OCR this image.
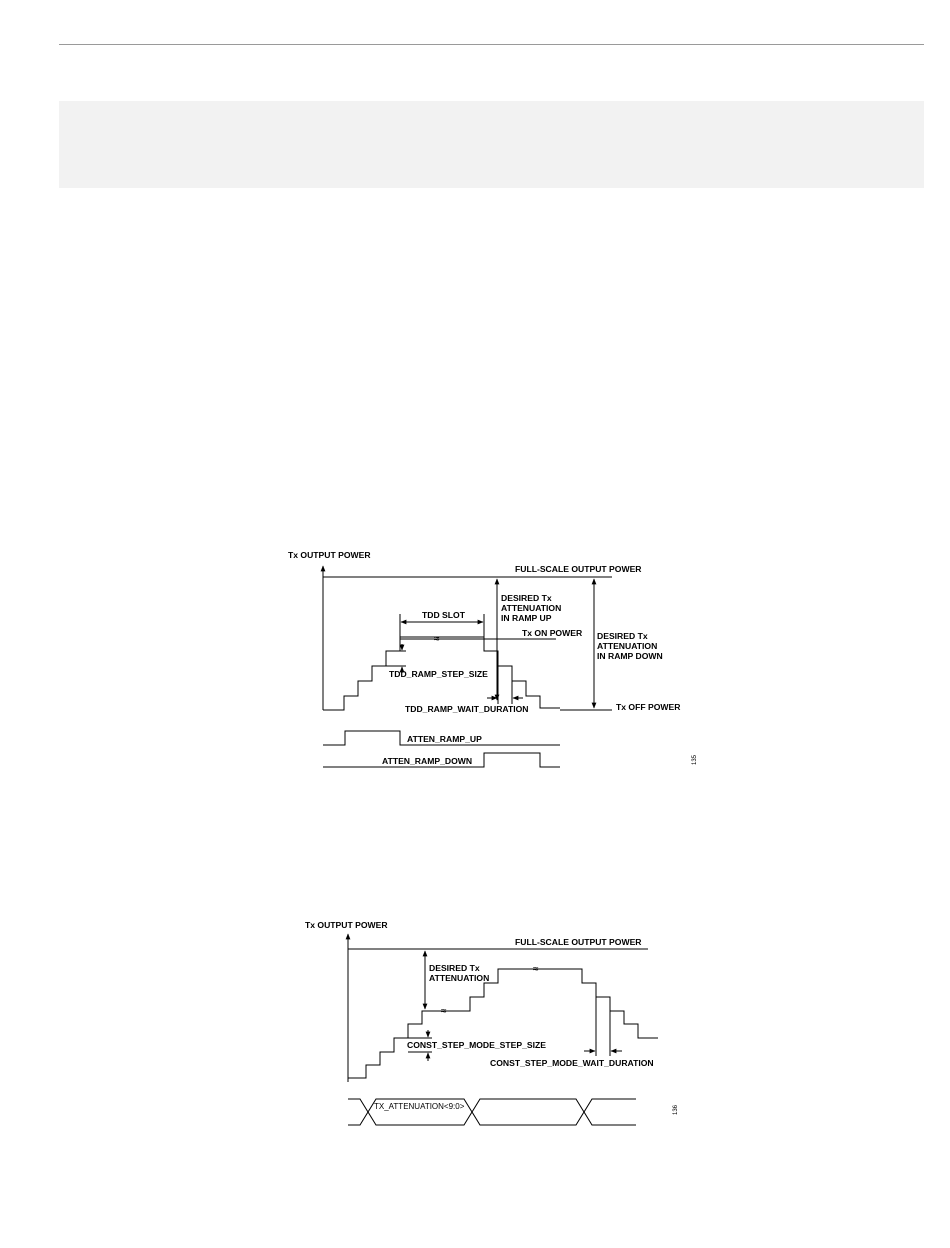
Tx OUTPUT POWER
FULL-SCALE OUTPUT POWER
Tx ON POWER
≈
Tx OFF POWER
TDD SLOT
DESIRED Tx
ATTENUATION
IN RAMP UP
DESIRED Tx
ATTENUATION
IN RAMP DOWN
TDD_RAMP_STEP_SIZE
TDD_RAMP_WAIT_DURATION
ATTEN_RAMP_UP
ATTEN_RAMP_DOWN	135
Tx OUTPUT POWER
FULL-SCALE OUTPUT POWER
≈
≈
DESIRED Tx
ATTENUATION
CONST_STEP_MODE_STEP_SIZE
CONST_STEP_MODE_WAIT_DURATION
TX_ATTENUATION<9:0>	136
